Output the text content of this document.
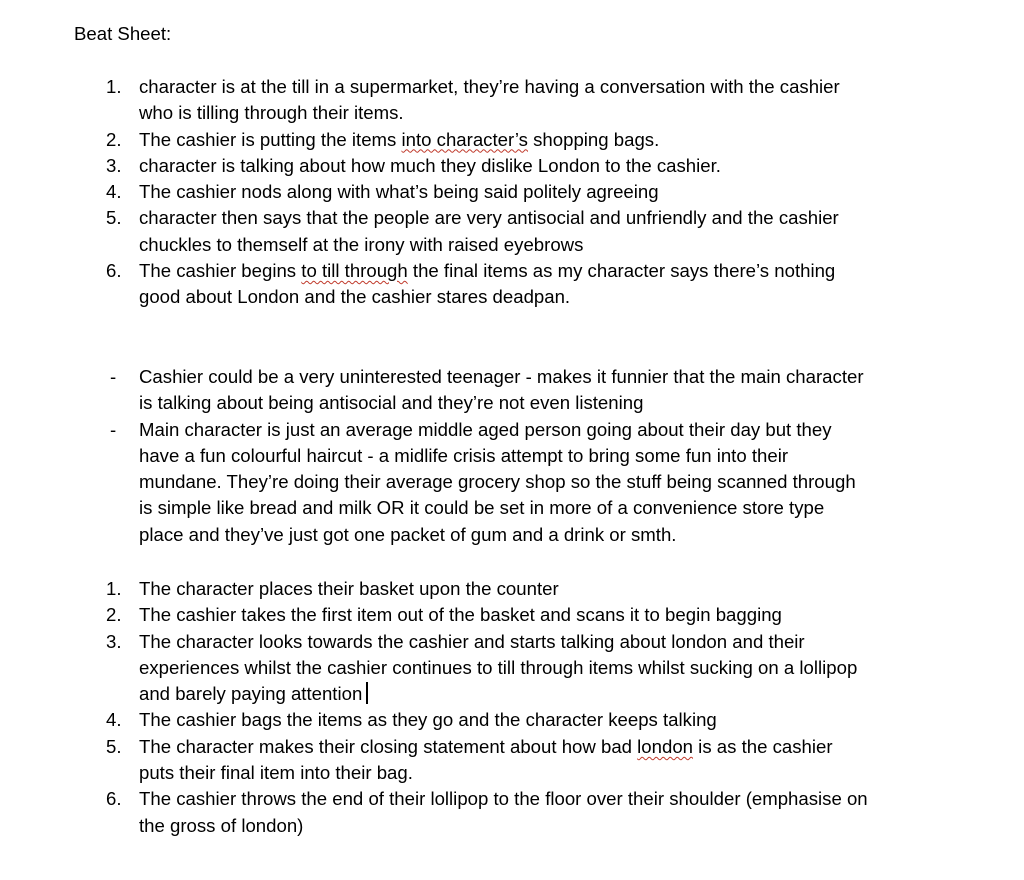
Beat Sheet:
1. character is at the till in a supermarket, they’re having a conversation with the cashier
who is tilling through their items.
2. The cashier is putting the items into character’s shopping bags.
3. character is talking about how much they dislike London to the cashier.
4. The cashier nods along with what’s being said politely agreeing
5. character then says that the people are very antisocial and unfriendly and the cashier
chuckles to themself at the irony with raised eyebrows
6. The cashier begins to till through the final items as my character says there’s nothing
good about London and the cashier stares deadpan.
-	Cashier could be a very uninterested teenager - makes it funnier that the main character
is talking about being antisocial and they’re not even listening
-	Main character is just an average middle aged person going about their day but they
have a fun colourful haircut - a midlife crisis attempt to bring some fun into their
mundane. They’re doing their average grocery shop so the stuff being scanned through
is simple like bread and milk OR it could be set in more of a convenience store type
place and they’ve just got one packet of gum and a drink or smth.
1. The character places their basket upon the counter
2. The cashier takes the first item out of the basket and scans it to begin bagging
3. The character looks towards the cashier and starts talking about london and their
experiences whilst the cashier continues to till through items whilst sucking on a lollipop
and barely paying attention
4. The cashier bags the items as they go and the character keeps talking
5. The character makes their closing statement about how bad london is as the cashier
puts their final item into their bag.
6. The cashier throws the end of their lollipop to the floor over their shoulder (emphasise on
the gross of london)
